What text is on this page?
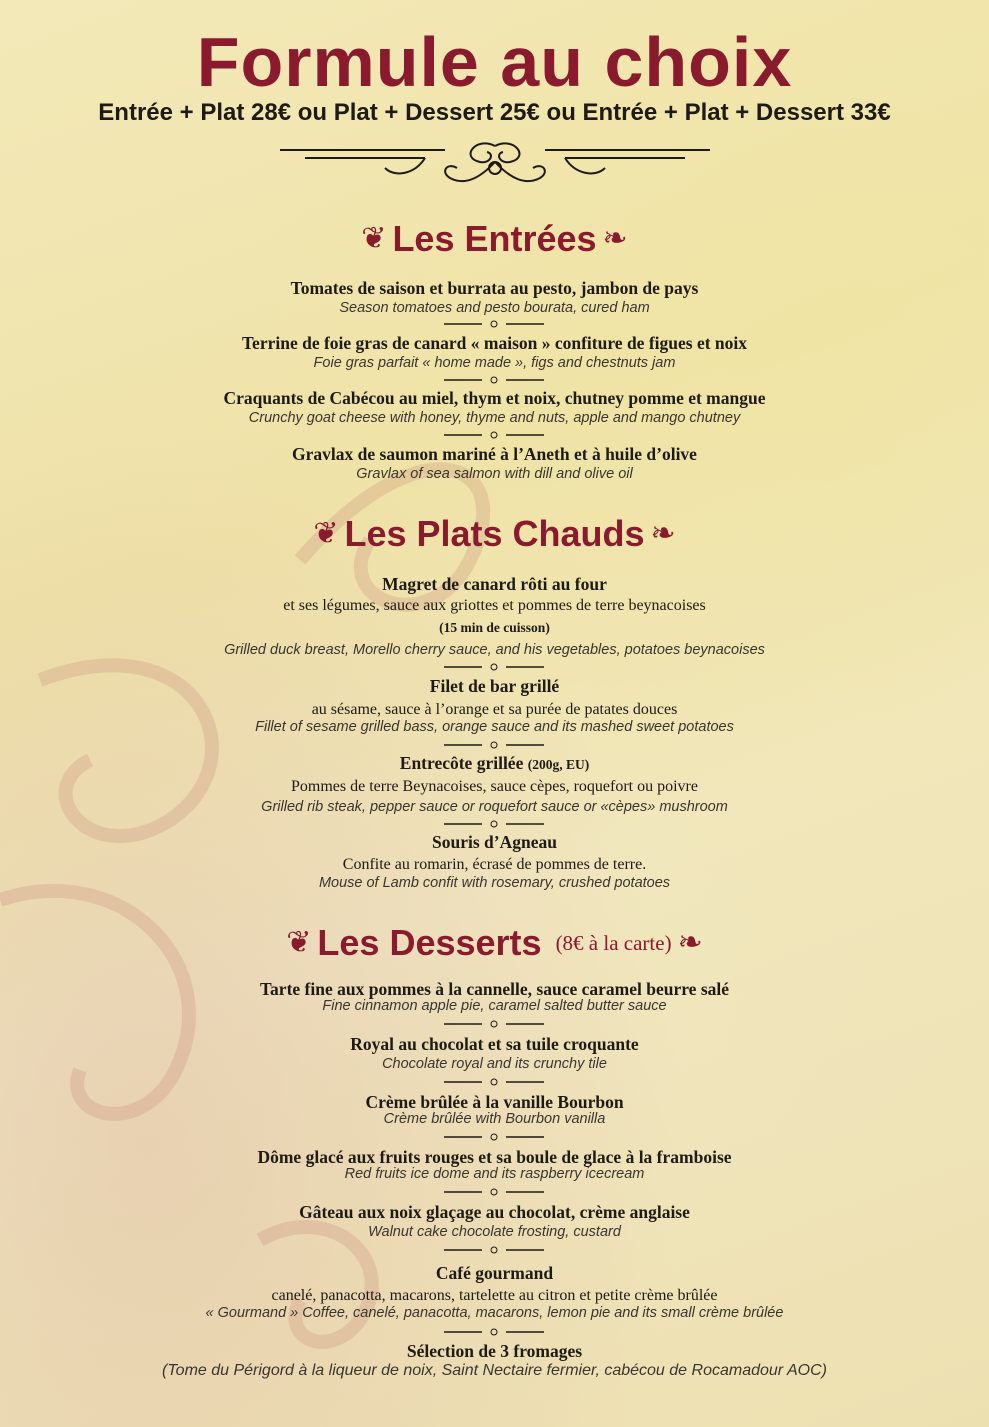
Formule au choix
Entrée + Plat 28€ ou Plat + Dessert 25€ ou Entrée + Plat + Dessert 33€
❦ Les Entrées ❧
Tomates de saison et burrata au pesto, jambon de pays
Season tomatoes and pesto bourata, cured ham
Terrine de foie gras de canard « maison » confiture de figues et noix
Foie gras parfait « home made », figs and chestnuts jam
Craquants de Cabécou au miel, thym et noix, chutney pomme et mangue
Crunchy goat cheese with honey, thyme and nuts, apple and mango chutney
Gravlax de saumon mariné à l’Aneth et à huile d’olive
Gravlax of sea salmon with dill and olive oil
❦ Les Plats Chauds ❧
Magret de canard rôti au four
et ses légumes, sauce aux griottes et pommes de terre beynacoises
(15 min de cuisson)
Grilled duck breast, Morello cherry sauce, and his vegetables, potatoes beynacoises
Filet de bar grillé
au sésame, sauce à l’orange et sa purée de patates douces
Fillet of sesame grilled bass, orange sauce and its mashed sweet potatoes
Entrecôte grillée (200g, EU)
Pommes de terre Beynacoises, sauce cèpes, roquefort ou poivre
Grilled rib steak, pepper sauce or roquefort sauce or «cèpes» mushroom
Souris d’Agneau
Confite au romarin, écrasé de pommes de terre.
Mouse of Lamb confit with rosemary, crushed potatoes
❦ Les Desserts (8€ à la carte) ❧
Tarte fine aux pommes à la cannelle, sauce caramel beurre salé
Fine cinnamon apple pie, caramel salted butter sauce
Royal au chocolat et sa tuile croquante
Chocolate royal and its crunchy tile
Crème brûlée à la vanille Bourbon
Crème brûlée with Bourbon vanilla
Dôme glacé aux fruits rouges et sa boule de glace à la framboise
Red fruits ice dome and its raspberry icecream
Gâteau aux noix glaçage au chocolat, crème anglaise
Walnut cake chocolate frosting, custard
Café gourmand
canelé, panacotta, macarons, tartelette au citron et petite crème brûlée
« Gourmand » Coffee, canelé, panacotta, macarons, lemon pie and its small crème brûlée
Sélection de 3 fromages
(Tome du Périgord à la liqueur de noix, Saint Nectaire fermier, cabécou de Rocamadour AOC)
